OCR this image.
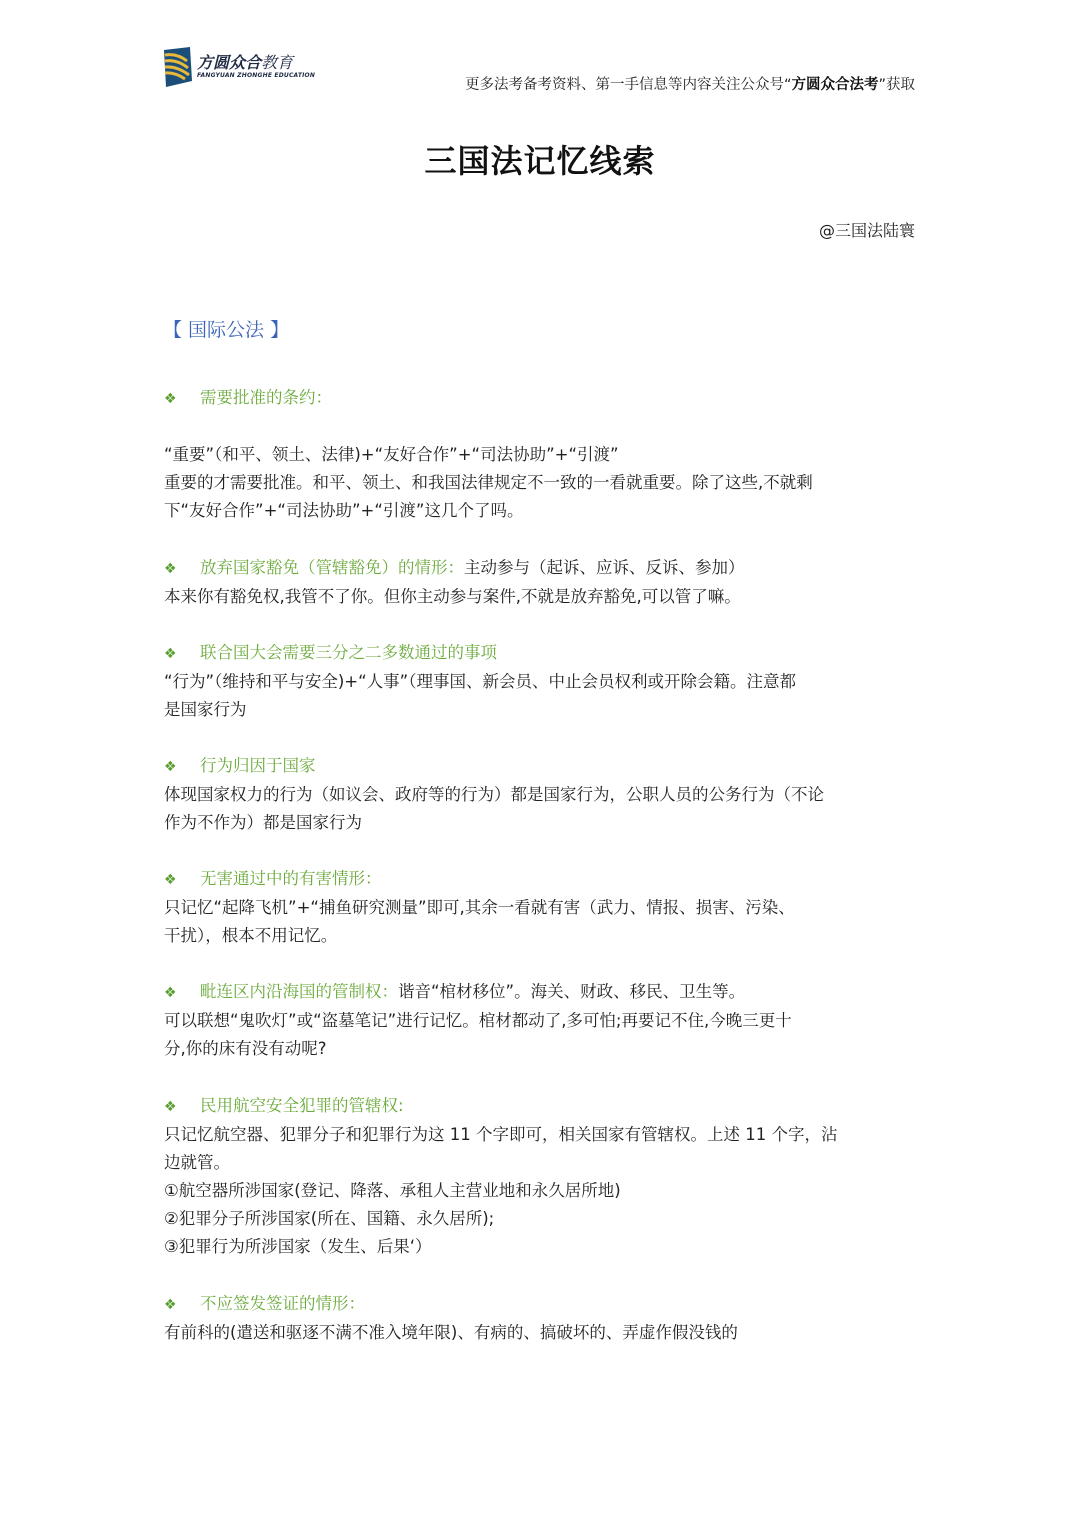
方圆众合教育
FANGYUAN ZHONGHE EDUCATION
更多法考备考资料、第一手信息等内容关注公众号“方圆众合法考”获取
三国法记忆线索
@三国法陆寰
【 国际公法 】
❖ 需要批准的条约：
“重要”（和平、领土、法律)+“友好合作”+“司法协助”+“引渡”
重要的才需要批准。和平、领土、和我国法律规定不一致的一看就重要。除了这些,不就剩
下“友好合作”+“司法协助”+“引渡”这几个了吗。
❖ 放弃国家豁免（管辖豁免）的情形：主动参与（起诉、应诉、反诉、参加）
本来你有豁免权,我管不了你。但你主动参与案件,不就是放弃豁免,可以管了嘛。
❖ 联合国大会需要三分之二多数通过的事项
“行为”（维持和平与安全)+“人事”（理事国、新会员、中止会员权利或开除会籍。注意都
是国家行为
❖ 行为归因于国家
体现国家权力的行为（如议会、政府等的行为）都是国家行为，公职人员的公务行为（不论
作为不作为）都是国家行为
❖ 无害通过中的有害情形：
只记忆“起降飞机”+“捕鱼研究测量”即可,其余一看就有害（武力、情报、损害、污染、
干扰），根本不用记忆。
❖ 毗连区内沿海国的管制权：谐音“棺材移位”。海关、财政、移民、卫生等。
可以联想“鬼吹灯”或“盗墓笔记”进行记忆。棺材都动了,多可怕;再要记不住,今晚三更十
分,你的床有没有动呢?
❖ 民用航空安全犯罪的管辖权:
只记忆航空器、犯罪分子和犯罪行为这 11 个字即可，相关国家有管辖权。上述 11 个字，沾
边就管。
①航空器所涉国家(登记、降落、承租人主营业地和永久居所地)
②犯罪分子所涉国家(所在、国籍、永久居所);
③犯罪行为所涉国家（发生、后果‘）
❖ 不应签发签证的情形：
有前科的(遣送和驱逐不满不准入境年限)、有病的、搞破坏的、弄虚作假没钱的
